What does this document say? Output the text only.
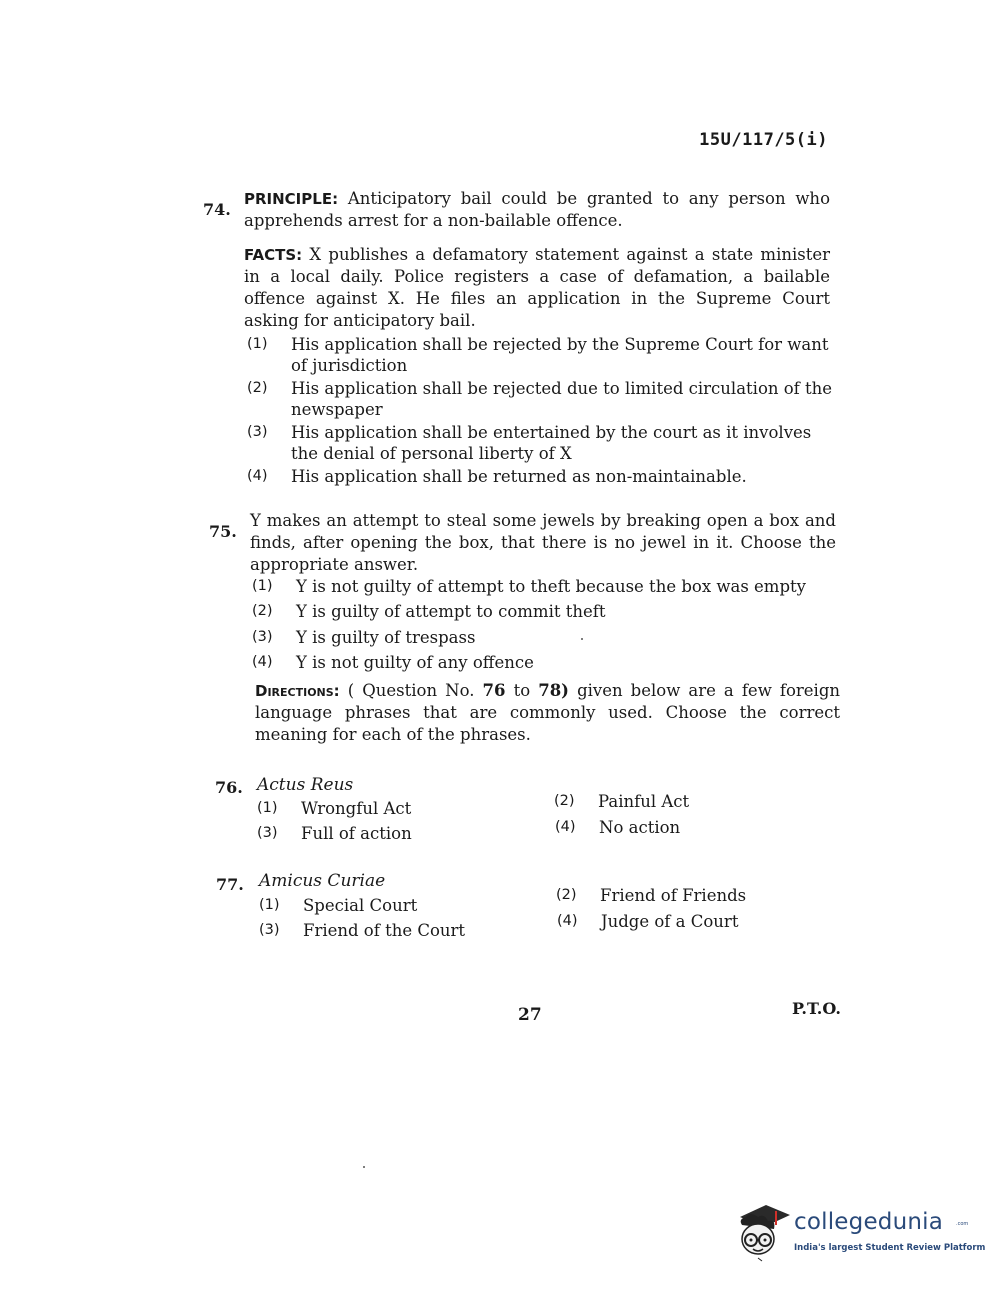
15U/117/5(i)
74.
PRINCIPLE: Anticipatory bail could be granted to any person who apprehends arrest for a non-bailable offence.
FACTS: X publishes a defamatory statement against a state minister in a local daily. Police registers a case of defamation, a bailable offence against X. He files an application in the Supreme Court asking for anticipatory bail.
(1) His application shall be rejected by the Supreme Court for want of jurisdiction
(2) His application shall be rejected due to limited circulation of the newspaper
(3) His application shall be entertained by the court as it involves the denial of personal liberty of X
(4) His application shall be returned as non-maintainable.
75.
Y makes an attempt to steal some jewels by breaking open a box and finds, after opening the box, that there is no jewel in it. Choose the appropriate answer.
(1) Y is not guilty of attempt to theft because the box was empty
(2) Y is guilty of attempt to commit theft
(3) Y is guilty of trespass
(4) Y is not guilty of any offence
Directions: ( Question No. 76 to 78) given below are a few foreign language phrases that are commonly used. Choose the correct meaning for each of the phrases.
76. Actus Reus
(1) Wrongful Act	(2) Painful Act
(3) Full of action	(4) No action
77. Amicus Curiae
(1) Special Court
(2) Friend of Friends
(3) Friend of the Court	(4) Judge of a Court
27	P.T.O.
collegedunia	.com
India's largest Student Review Platform
